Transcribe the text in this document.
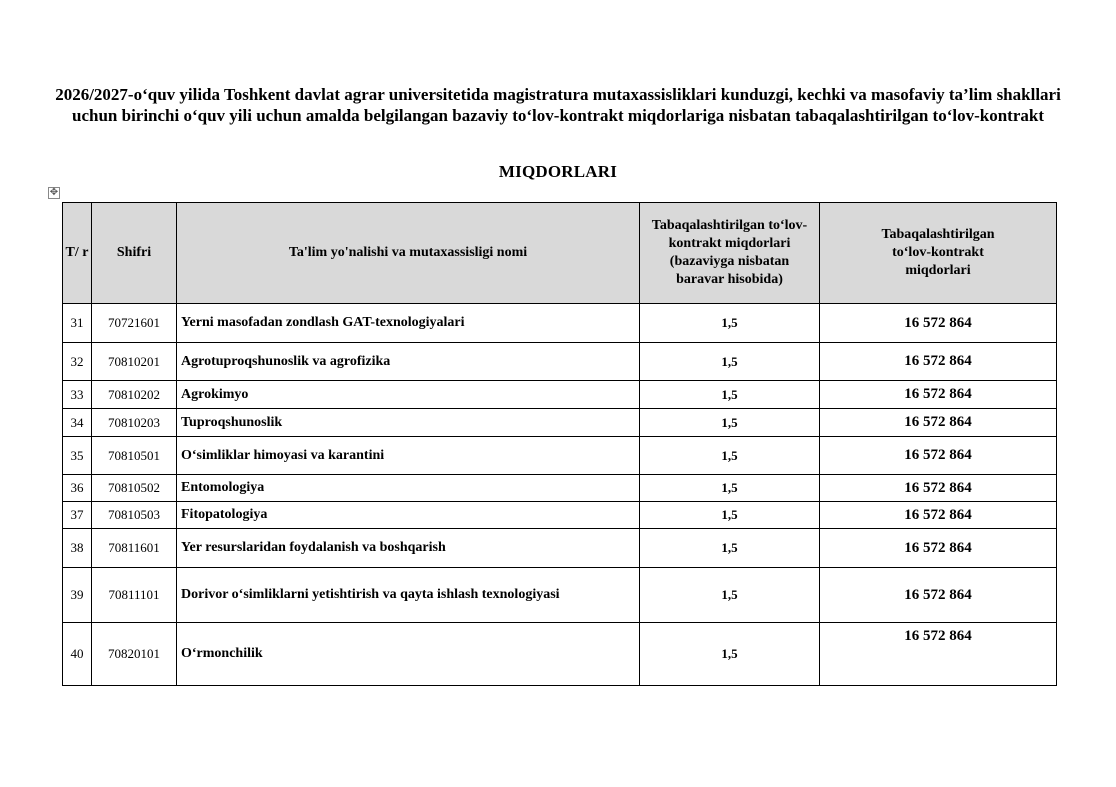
2026/2027-o‘quv yilida Toshkent davlat agrar universitetida magistratura mutaxassisliklari kunduzgi, kechki va masofaviy ta’lim shakllari uchun birinchi o‘quv yili uchun amalda belgilangan bazaviy to‘lov-kontrakt miqdorlariga nisbatan tabaqalashtirilgan to‘lov-kontrakt
MIQDORLARI
✥
T/ r	Shifri	Ta'lim yo'nalishi va mutaxassisligi nomi	Tabaqalashtirilgan to‘lov-kontrakt miqdorlari (bazaviyga nisbatan baravar hisobida)	Tabaqalashtirilgan to‘lov-kontrakt miqdorlari
31	70721601	Yerni masofadan zondlash GAT-texnologiyalari	1,5	16 572 864
32	70810201	Agrotuproqshunoslik va agrofizika	1,5	16 572 864
33	70810202	Agrokimyo	1,5	16 572 864
34	70810203	Tuproqshunoslik	1,5	16 572 864
35	70810501	O‘simliklar himoyasi va karantini	1,5	16 572 864
36	70810502	Entomologiya	1,5	16 572 864
37	70810503	Fitopatologiya	1,5	16 572 864
38	70811601	Yer resurslaridan foydalanish va boshqarish	1,5	16 572 864
39	70811101	Dorivor o‘simliklarni yetishtirish va qayta ishlash texnologiyasi	1,5	16 572 864
40	70820101	O‘rmonchilik	1,5	16 572 864
